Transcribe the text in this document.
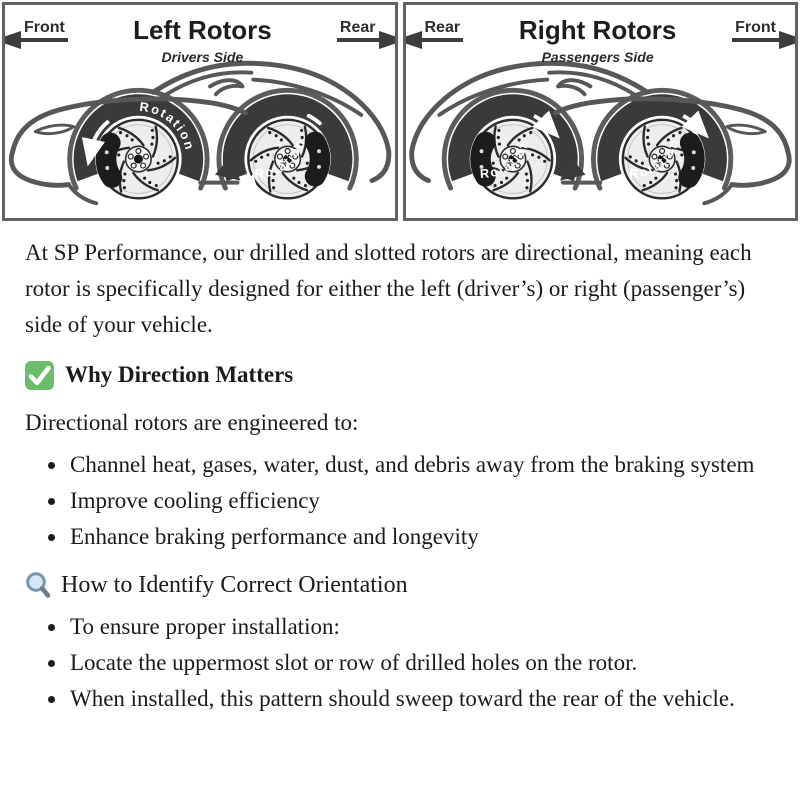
Front	Left Rotors
Drivers Side
Rear
Rotation
Rotation
Rear Right Rotors
Passengers Side
Front
Rotation
Rotation

At SP Performance, our drilled and slotted rotors are directional, meaning each rotor is specifically designed for either the left (driver’s) or right (passenger’s) side of your vehicle.

Why Direction Matters

Directional rotors are engineered to:

• Channel heat, gases, water, dust, and debris away from the braking system
• Improve cooling efficiency
• Enhance braking performance and longevity
How to Identify Correct Orientation
• To ensure proper installation:
• Locate the uppermost slot or row of drilled holes on the rotor.
• When installed, this pattern should sweep toward the rear of the vehicle.
